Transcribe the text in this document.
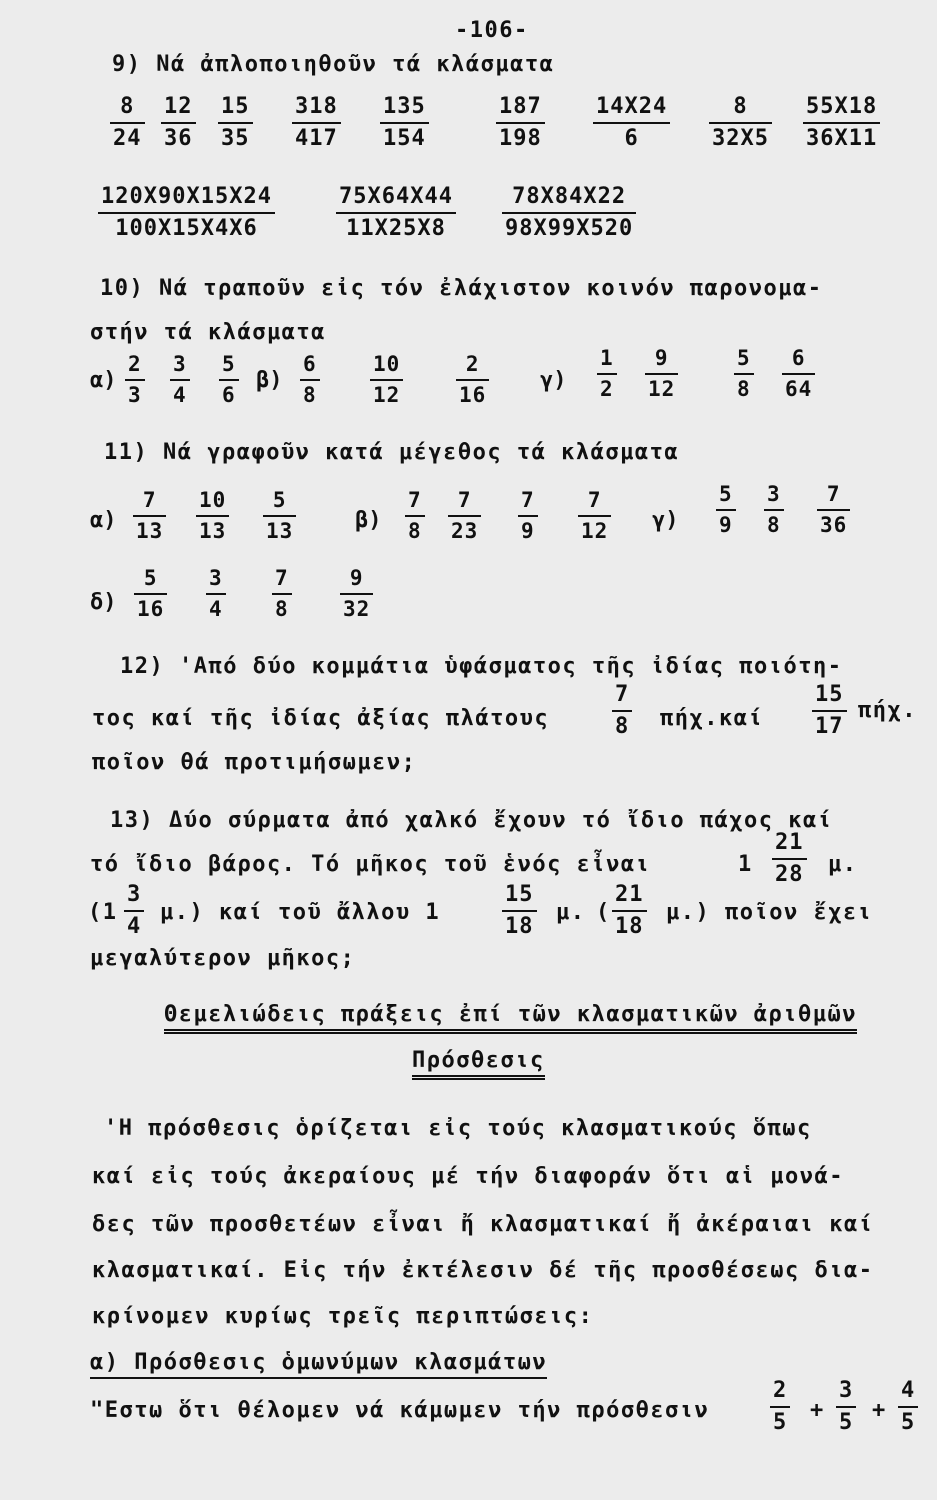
-106-
9) Νά ἀπλοποιηθοῦν τά κλάσματα
$\frac{8}{24} \frac{12}{36} \frac{15}{35} \frac{318}{417} \frac{135}{154}$	$\frac{187}{198} \frac{14X24}{6} \frac{8}{32X5} \frac{55X18}{36X11}$
$\frac{120X90X15X24}{100X15X4X6}$	$\frac{75X64X44}{11X25X8} \frac{78X84X22}{98X99X520}$
10) Νά τραποῦν εἰς τόν ἐλάχιστον κοινόν παρονομα-
στήν τά κλάσματα
$\alpha) \frac{2}{3} \frac{3}{4} \frac{5}{6} \beta) \frac{6}{8} \frac{10}{12}$	$\frac{2}{16} \gamma) \frac{1}{2} \frac{9}{12}$	$\frac{5}{8} \frac{6}{64}$
11) Νά γραφοῦν κατά μέγεθος τά κλάσματα
$\alpha) \frac{7}{13} \frac{10}{13} \frac{5}{13}$	$\beta) \frac{7}{8} \frac{7}{23} \frac{7}{9} \frac{7}{12} \gamma) \frac{5}{9} \frac{3}{8} \frac{7}{36}$
$\delta) \frac{5}{16} \frac{3}{4} \frac{7}{8} \frac{9}{32}$
12) 'Από δύο κομμάτια ὑφάσματος τῆς ἰδίας ποιότη-
τος καί τῆς ἰδίας ἀξίας πλάτους	$\frac{7}{8} \pi ή\chi.\kappa\alpha ί \frac{15}{17} \pi ή\chi$.
ποῖον θά προτιμήσωμεν;
13) Δύο σύρματα ἀπό χαλκό ἔχουν τό ἴδιο πάχος καί
τό ἴδιο βάρος. Τό μῆκος τοῦ ἑνός εἶναι	$1 \frac{21}{28} \mu$.
$(1 \frac{3}{4} \mu.)$ καί τοῦ ἄλλου 1	$\frac{15}{18} \mu$. ( $\frac{21}{18} \mu$.) ποῖον ἔχει
μεγαλύτερον μῆκος;
Θεμελιώδεις πράξεις ἐπί τῶν κλασματικῶν ἀριθμῶν
Πρόσθεσις
'Η πρόσθεσις ὁρίζεται εἰς τούς κλασματικούς ὅπως
καί εἰς τούς ἀκεραίους μέ τήν διαφοράν ὅτι αἱ μονά-
δες τῶν προσθετέων εἶναι ἤ κλασματικαί ἤ ἀκέραιαι καί
κλασματικαί. Εἰς τήν ἐκτέλεσιν δέ τῆς προσθέσεως δια-
κρίνομεν κυρίως τρεῖς περιπτώσεις:
α) Πρόσθεσις ὁμωνύμων κλασμάτων
"Εστω ὅτι θέλομεν νά κάμωμεν τήν πρόσθεσιν	$\frac{2}{5} + \frac{3}{5} + \frac{4}{5}$
